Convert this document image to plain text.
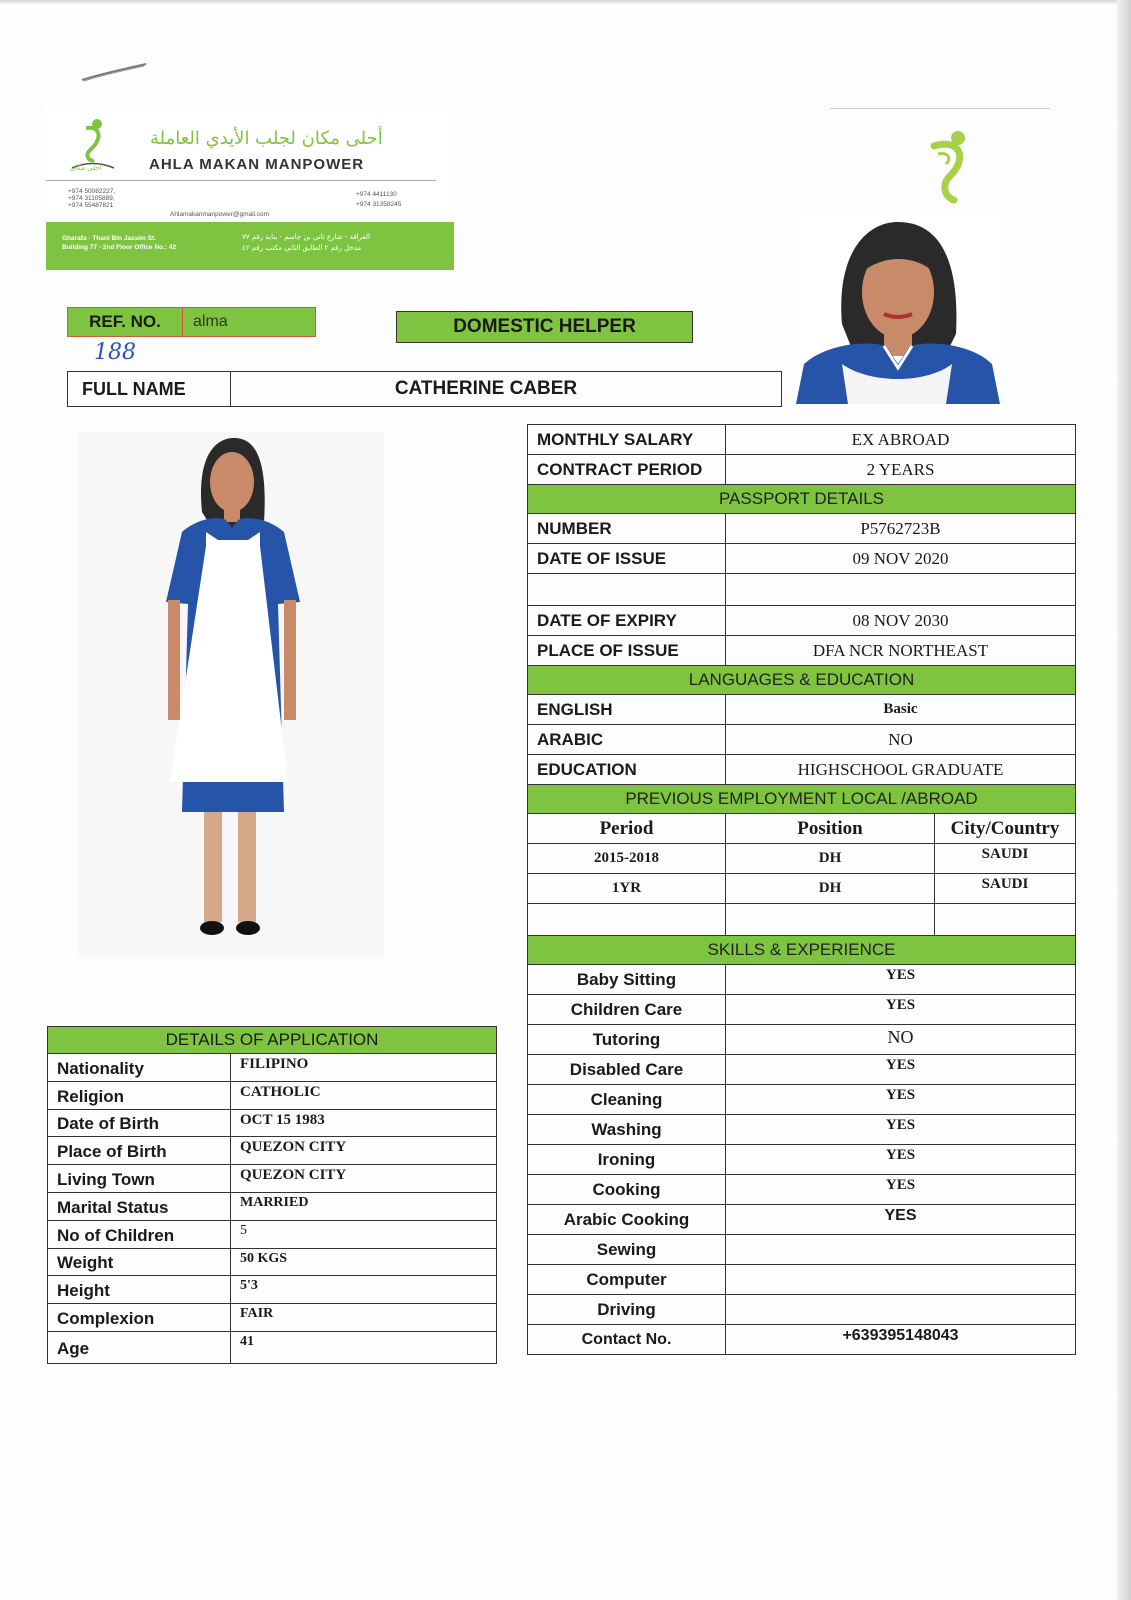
أحلى مكان لجلب الأيدي العاملة
AHLA MAKAN MANPOWER
أحلى مكان
+974 50082227,
+974 31105889,
+974 55487821
+974 4411130
+974 31358245
Ahlamakanmanpower@gmail.com
Gharafa - Thani Bin Jassim St.
Building 77 - 2nd Floor Office No.: 42
الغرافة - شارع ثاني بن جاسم - بناية رقم ٧٧
مدخل رقم ٢ الطابق الثاني مكتب رقم ٤٢
REF. NO.	alma
188
DOMESTIC HELPER
FULL NAME	CATHERINE CABER
MONTHLY SALARY	EX ABROAD	
CONTRACT PERIOD	2 YEARS	
PASSPORT DETAILS		
NUMBER	P5762723B	
DATE OF ISSUE	09 NOV 2020	

DATE OF EXPIRY	08 NOV 2030	
PLACE OF ISSUE	DFA NCR NORTHEAST	
LANGUAGES & EDUCATION		
ENGLISH	Basic	
ARABIC	NO	
EDUCATION	HIGHSCHOOL GRADUATE	
PREVIOUS EMPLOYMENT LOCAL /ABROAD		
Period	Position	City/Country
2015-2018	DH	SAUDI
1YR	DH	SAUDI

SKILLS & EXPERIENCE		
Baby Sitting	YES	
Children Care	YES	
Tutoring	NO	
Disabled Care	YES	
Cleaning	YES	
Washing	YES	
Ironing	YES	
Cooking	YES	
Arabic Cooking	YES	
Sewing		
Computer		
Driving		
Contact No.	+639395148043	
DETAILS OF APPLICATION	
Nationality	FILIPINO
Religion	CATHOLIC
Date of Birth	OCT 15 1983
Place of Birth	QUEZON CITY
Living Town	QUEZON CITY
Marital Status	MARRIED
No of Children	5
Weight	50 KGS
Height	5'3
Complexion	FAIR
Age	41
